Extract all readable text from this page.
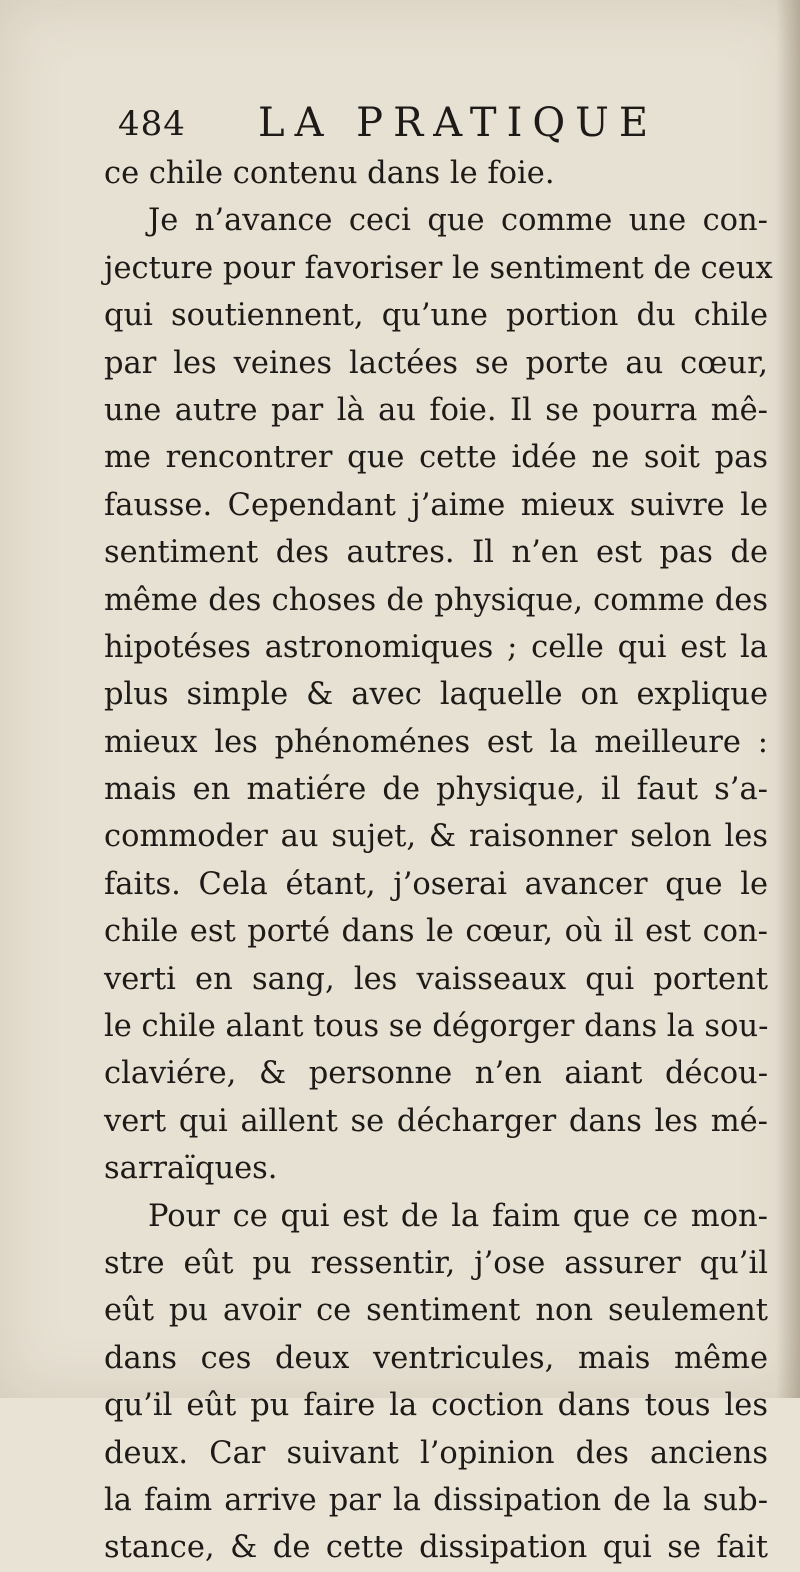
484 LA PRATIQUE
ce chile contenu dans le foie.
Je n’avance ceci que comme une con-
jecture pour favoriser le sentiment de ceux
qui soutiennent, qu’une portion du chile
par les veines lactées se porte au cœur,
une autre par là au foie. Il se pourra mê-
me rencontrer que cette idée ne soit pas
fausse. Cependant j’aime mieux suivre le
sentiment des autres. Il n’en est pas de
même des choses de physique, comme des
hipotéses astronomiques ; celle qui est la
plus simple & avec laquelle on explique
mieux les phénoménes est la meilleure :
mais en matiére de physique, il faut s’a-
commoder au sujet, & raisonner selon les
faits. Cela étant, j’oserai avancer que le
chile est porté dans le cœur, où il est con-
verti en sang, les vaisseaux qui portent
le chile alant tous se dégorger dans la sou-
claviére, & personne n’en aiant décou-
vert qui aillent se décharger dans les mé-
sarraïques.
Pour ce qui est de la faim que ce mon-
stre eût pu ressentir, j’ose assurer qu’il
eût pu avoir ce sentiment non seulement
dans ces deux ventricules, mais même
qu’il eût pu faire la coction dans tous les
deux. Car suivant l’opinion des anciens
la faim arrive par la dissipation de la sub-
stance, & de cette dissipation qui se fait
